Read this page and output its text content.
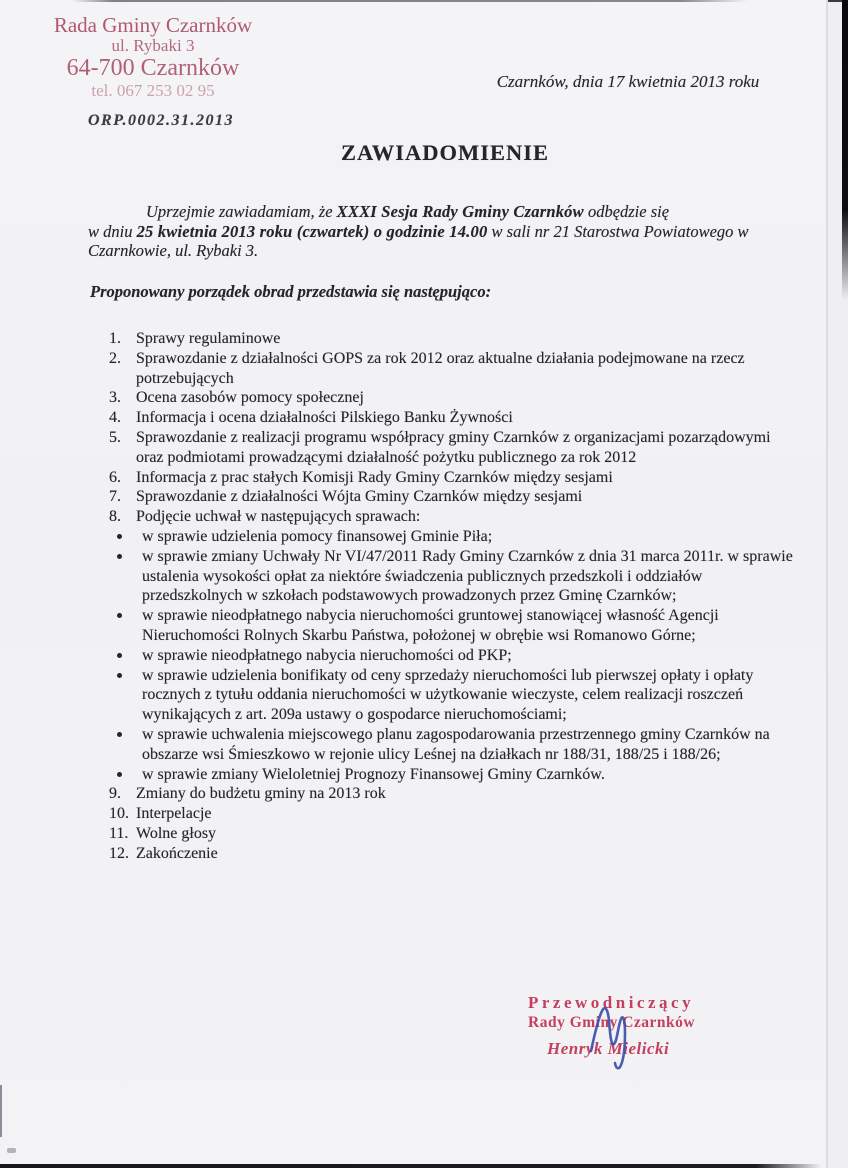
Rada Gminy Czarnków
ul. Rybaki 3
64-700 Czarnków
tel. 067 253 02 95
ORP.0002.31.2013
Czarnków, dnia 17 kwietnia 2013 roku
ZAWIADOMIENIE
Uprzejmie zawiadamiam, że XXXI Sesja Rady Gminy Czarnków odbędzie się
w dniu 25 kwietnia 2013 roku (czwartek) o godzinie 14.00 w sali nr 21 Starostwa Powiatowego w
Czarnkowie, ul. Rybaki 3.
Proponowany porządek obrad przedstawia się następująco:
1. Sprawy regulaminowe
2. Sprawozdanie z działalności GOPS za rok 2012 oraz aktualne działania podejmowane na rzecz potrzebujących
3. Ocena zasobów pomocy społecznej
4. Informacja i ocena działalności Pilskiego Banku Żywności
5. Sprawozdanie z realizacji programu współpracy gminy Czarnków z organizacjami pozarządowymi oraz podmiotami prowadzącymi działalność pożytku publicznego za rok 2012
6. Informacja z prac stałych Komisji Rady Gminy Czarnków między sesjami
7. Sprawozdanie z działalności Wójta Gminy Czarnków między sesjami
8. Podjęcie uchwał w następujących sprawach:
w sprawie udzielenia pomocy finansowej Gminie Piła;
w sprawie zmiany Uchwały Nr VI/47/2011 Rady Gminy Czarnków z dnia 31 marca 2011r. w sprawie ustalenia wysokości opłat za niektóre świadczenia publicznych przedszkoli i oddziałów przedszkolnych w szkołach podstawowych prowadzonych przez Gminę Czarnków;
w sprawie nieodpłatnego nabycia nieruchomości gruntowej stanowiącej własność Agencji Nieruchomości Rolnych Skarbu Państwa, położonej w obrębie wsi Romanowo Górne;
w sprawie nieodpłatnego nabycia nieruchomości od PKP;
w sprawie udzielenia bonifikaty od ceny sprzedaży nieruchomości lub pierwszej opłaty i opłaty rocznych z tytułu oddania nieruchomości w użytkowanie wieczyste, celem realizacji roszczeń wynikających z art. 209a ustawy o gospodarce nieruchomościami;
w sprawie uchwalenia miejscowego planu zagospodarowania przestrzennego gminy Czarnków na obszarze wsi Śmieszkowo w rejonie ulicy Leśnej na działkach nr 188/31, 188/25 i 188/26;
w sprawie zmiany Wieloletniej Prognozy Finansowej Gminy Czarnków.
9. Zmiany do budżetu gminy na 2013 rok
10. Interpelacje
11. Wolne głosy
12. Zakończenie
Przewodniczący
Rady Gminy Czarnków
Henryk Mielicki
